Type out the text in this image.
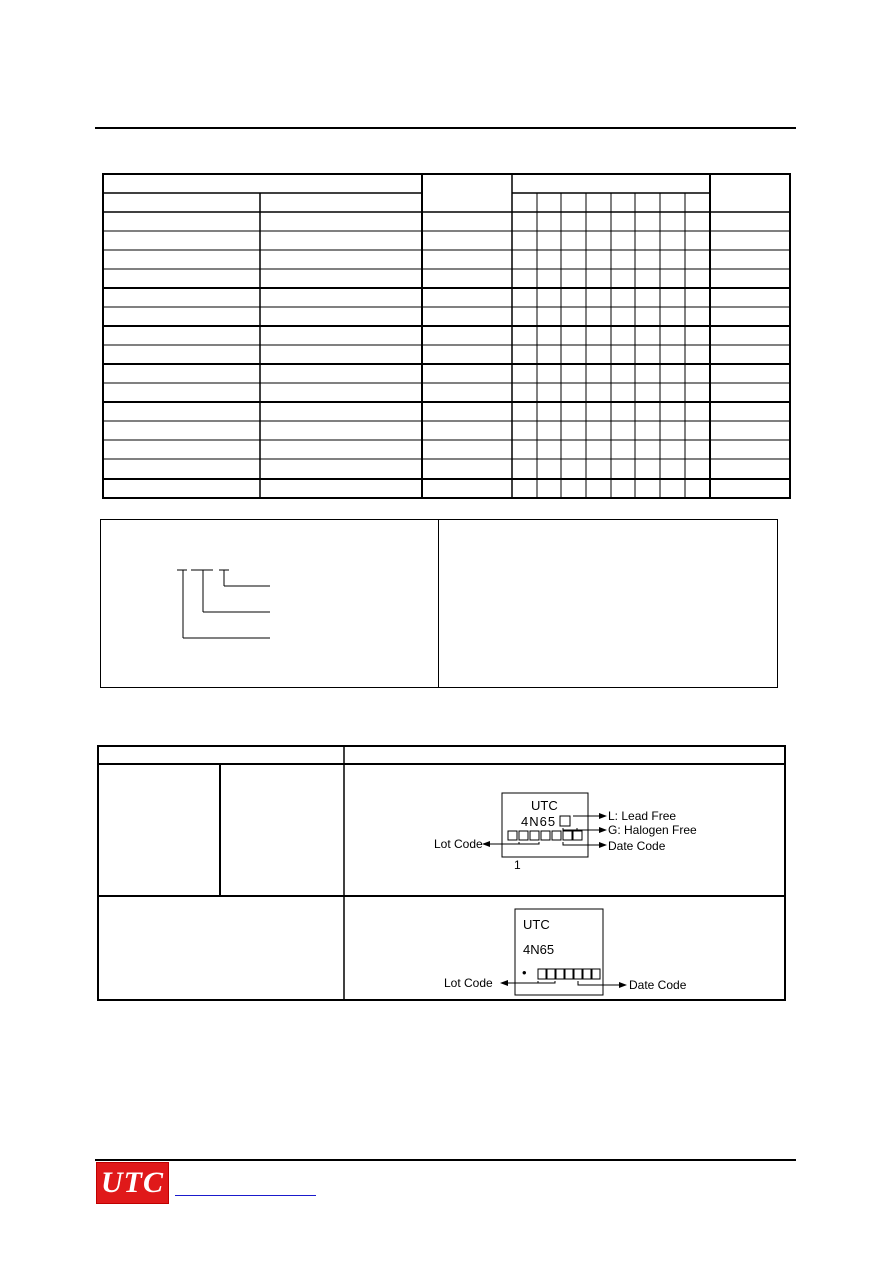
UTC
4N65	L: Lead Free
G: Halogen Free
Date Code
Lot Code
1
UTC
4N65
•
Lot Code	Date Code
UTC
